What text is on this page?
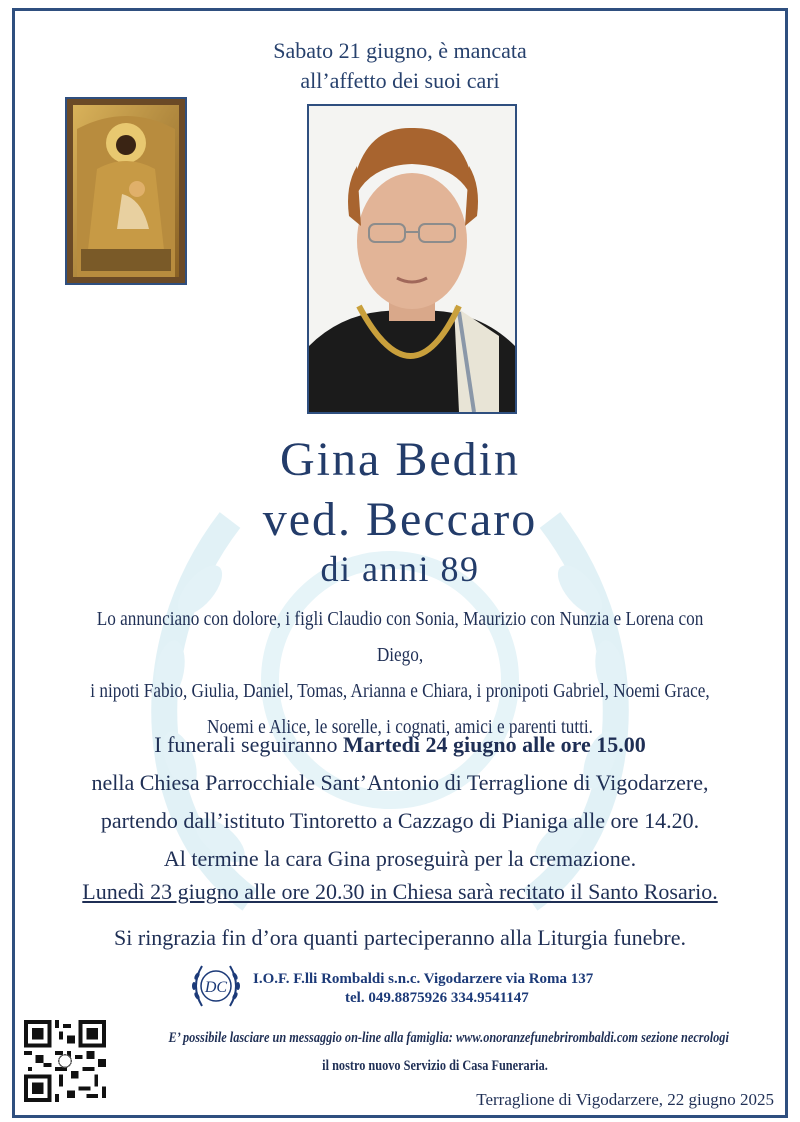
Sabato 21 giugno, è mancata
all’affetto dei suoi cari
Gina Bedin
ved. Beccaro
di anni 89
Lo annunciano con dolore, i figli Claudio con Sonia, Maurizio con Nunzia e Lorena con Diego,
i nipoti Fabio, Giulia, Daniel, Tomas, Arianna e Chiara, i pronipoti Gabriel, Noemi Grace,
Noemi e Alice, le sorelle, i cognati, amici e parenti tutti.
I funerali seguiranno Martedì 24 giugno alle ore 15.00
nella Chiesa Parrocchiale Sant’Antonio di Terraglione di Vigodarzere,
partendo dall’istituto Tintoretto a Cazzago di Pianiga alle ore 14.20.
Al termine la cara Gina proseguirà per la cremazione.
Lunedì 23 giugno alle ore 20.30 in Chiesa sarà recitato il Santo Rosario.
Si ringrazia fin d’ora quanti parteciperanno alla Liturgia funebre.
DC I.O.F. F.lli Rombaldi s.n.c. Vigodarzere via Roma 137
tel. 049.8875926 334.9541147
E’ possibile lasciare un messaggio on-line alla famiglia: www.onoranzefunebrirombaldi.com sezione necrologi
il nostro nuovo Servizio di Casa Funeraria.
Terraglione di Vigodarzere, 22 giugno 2025
